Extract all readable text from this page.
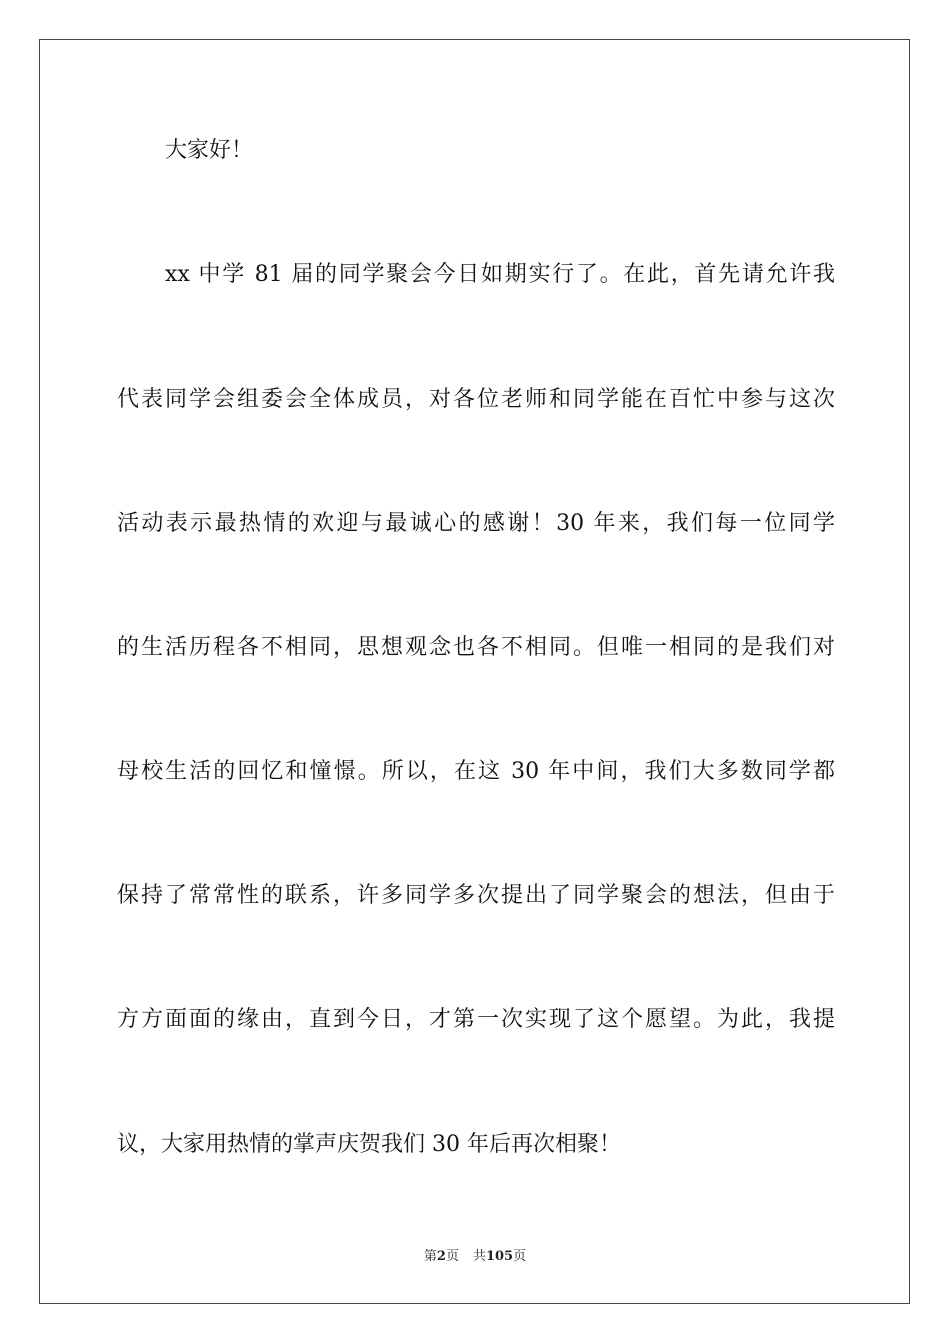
大家好！
xx 中学 81 届的同学聚会今日如期实行了。在此，首先请允许我
代表同学会组委会全体成员，对各位老师和同学能在百忙中参与这次
活动表示最热情的欢迎与最诚心的感谢！30 年来，我们每一位同学
的生活历程各不相同，思想观念也各不相同。但唯一相同的是我们对
母校生活的回忆和憧憬。所以，在这 30 年中间，我们大多数同学都
保持了常常性的联系，许多同学多次提出了同学聚会的想法，但由于
方方面面的缘由，直到今日，才第一次实现了这个愿望。为此，我提
议，大家用热情的掌声庆贺我们 30 年后再次相聚！
第2页 共105页
